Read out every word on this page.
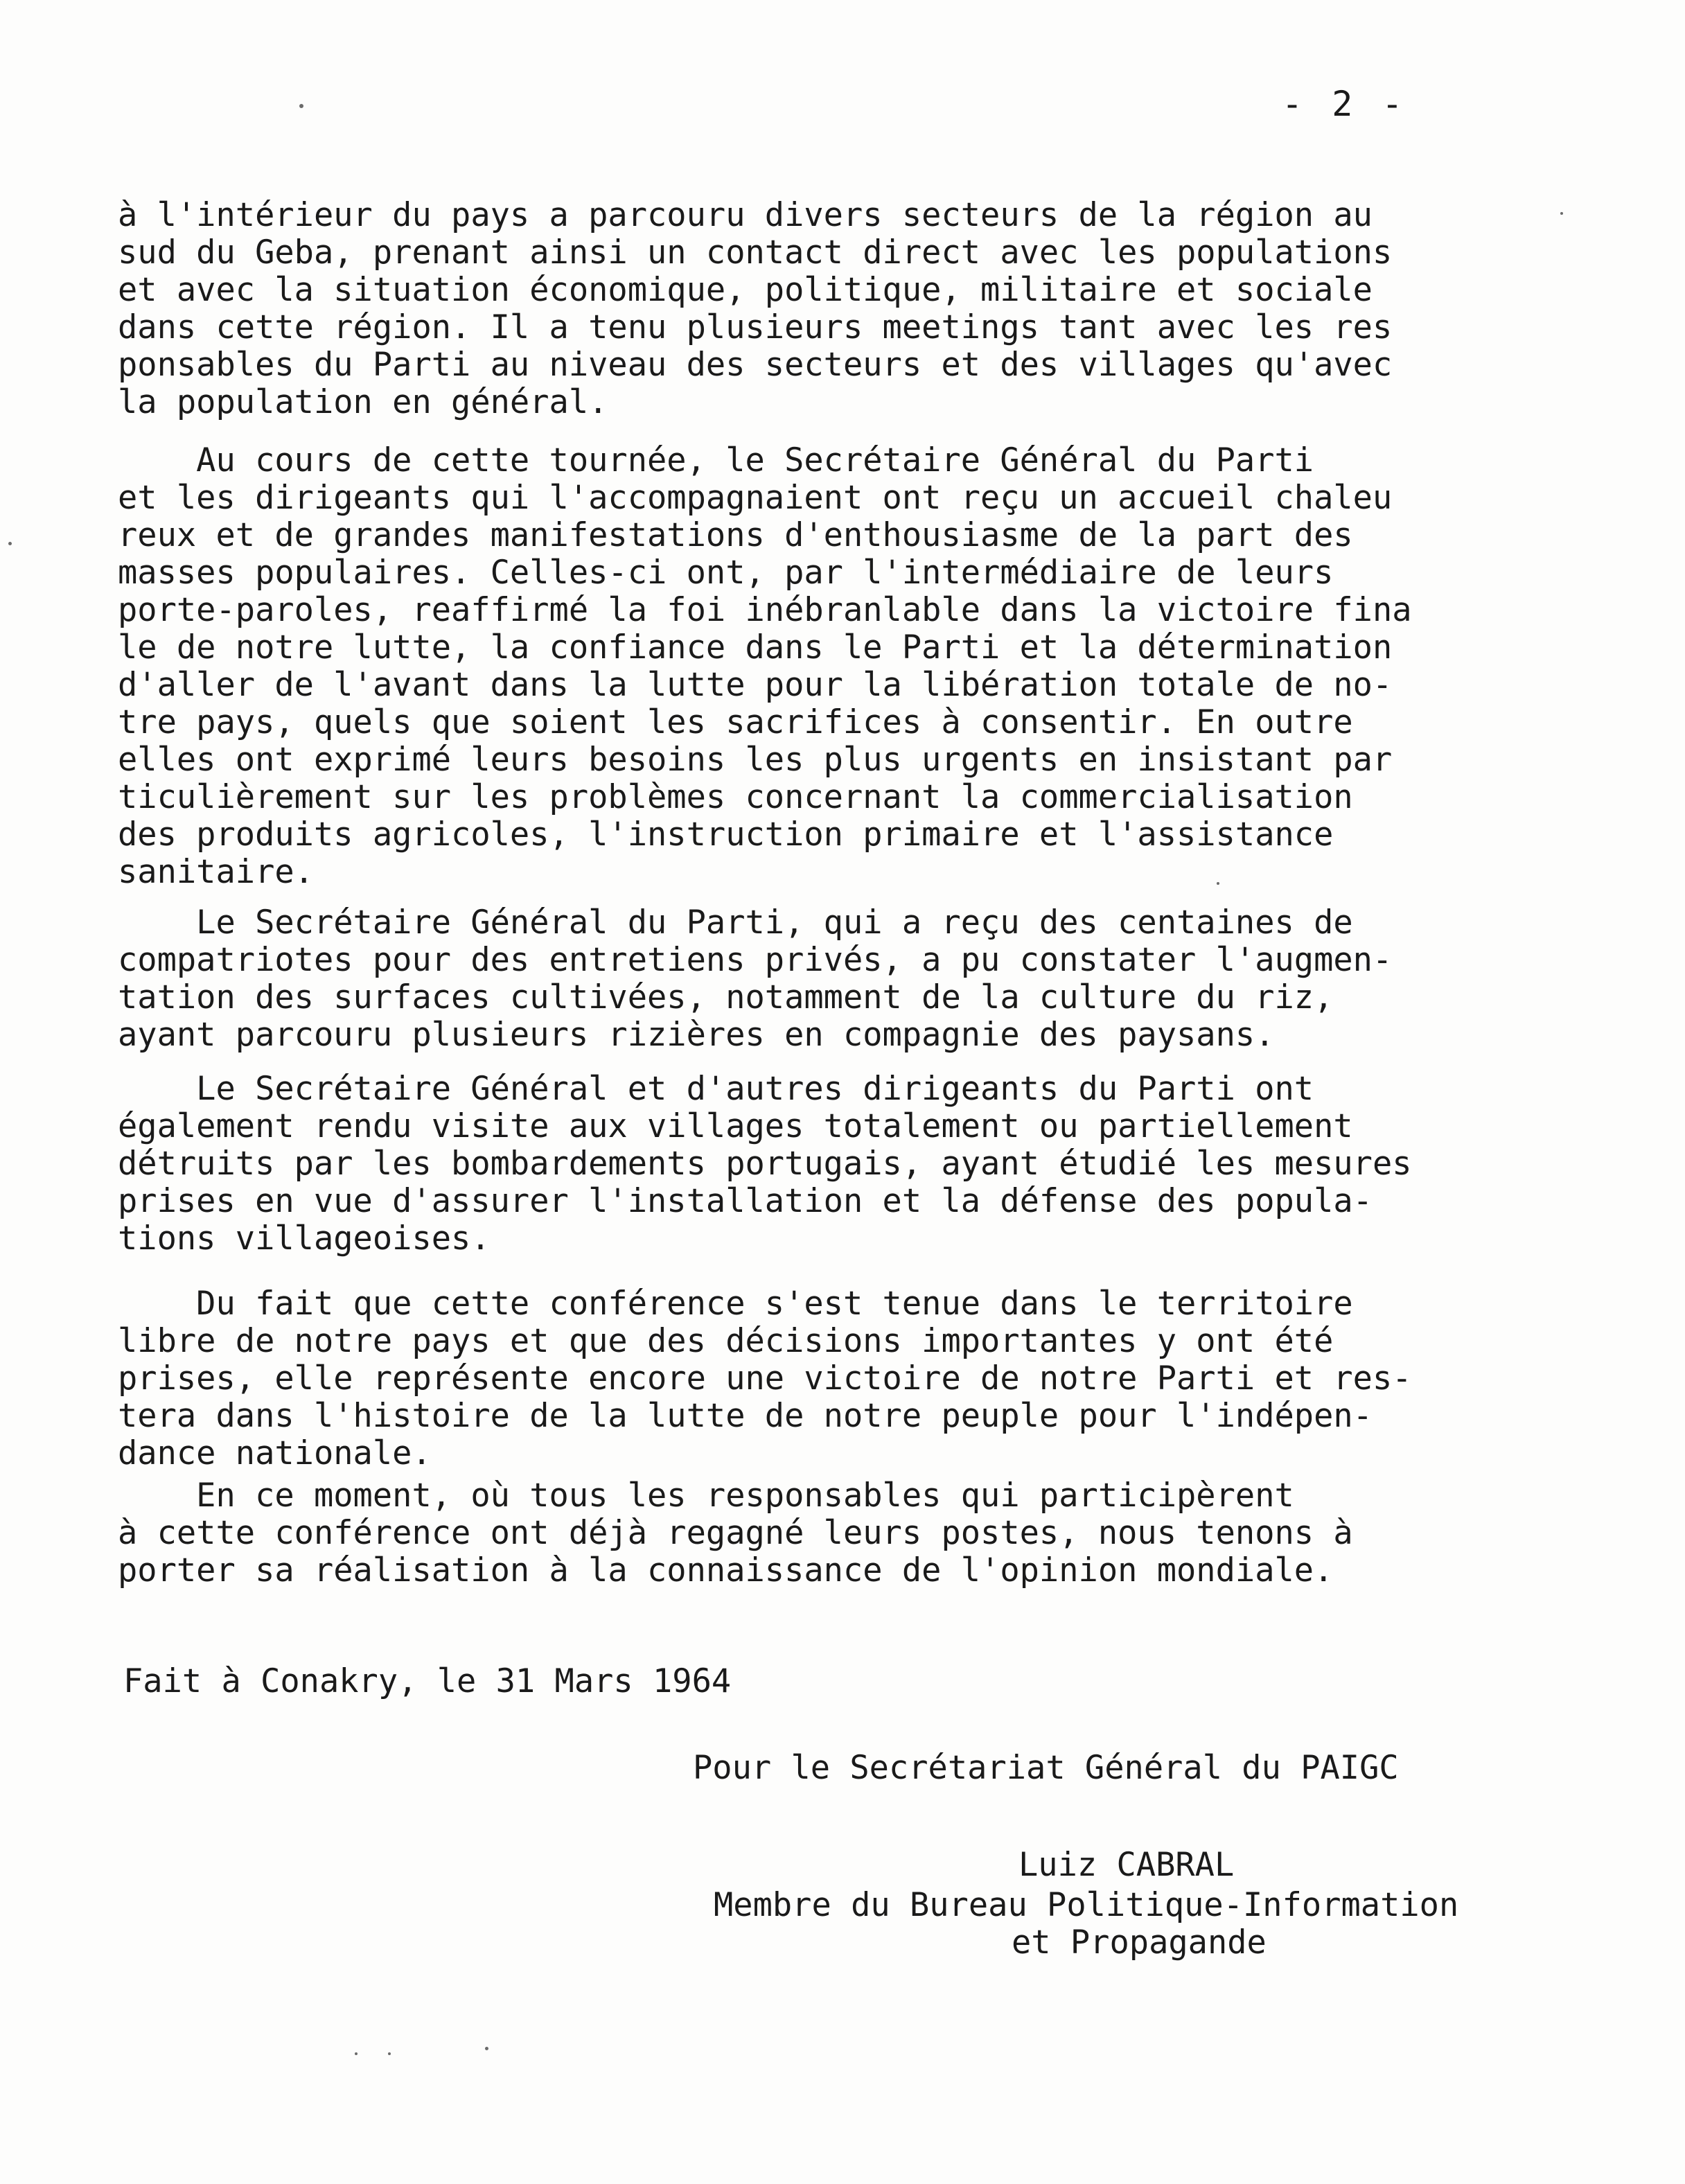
- 2 -

à l'intérieur du pays a parcouru divers secteurs de la région au
sud du Geba, prenant ainsi un contact direct avec les populations
et avec la situation économique, politique, militaire et sociale
dans cette région. Il a tenu plusieurs meetings tant avec les res
ponsables du Parti au niveau des secteurs et des villages qu'avec
la population en général.

Au cours de cette tournée, le Secrétaire Général du Parti
et les dirigeants qui l'accompagnaient ont reçu un accueil chaleu
reux et de grandes manifestations d'enthousiasme de la part des
masses populaires. Celles-ci ont, par l'intermédiaire de leurs
porte-paroles, reaffirmé la foi inébranlable dans la victoire fina
le de notre lutte, la confiance dans le Parti et la détermination
d'aller de l'avant dans la lutte pour la libération totale de no-
tre pays, quels que soient les sacrifices à consentir. En outre
elles ont exprimé leurs besoins les plus urgents en insistant par
ticulièrement sur les problèmes concernant la commercialisation
des produits agricoles, l'instruction primaire et l'assistance
sanitaire.

Le Secrétaire Général du Parti, qui a reçu des centaines de
compatriotes pour des entretiens privés, a pu constater l'augmen-
tation des surfaces cultivées, notamment de la culture du riz,
ayant parcouru plusieurs rizières en compagnie des paysans.

Le Secrétaire Général et d'autres dirigeants du Parti ont
également rendu visite aux villages totalement ou partiellement
détruits par les bombardements portugais, ayant étudié les mesures
prises en vue d'assurer l'installation et la défense des popula-
tions villageoises.

Du fait que cette conférence s'est tenue dans le territoire
libre de notre pays et que des décisions importantes y ont été
prises, elle représente encore une victoire de notre Parti et res-
tera dans l'histoire de la lutte de notre peuple pour l'indépen-
dance nationale.

En ce moment, où tous les responsables qui participèrent
à cette conférence ont déjà regagné leurs postes, nous tenons à
porter sa réalisation à la connaissance de l'opinion mondiale.

Fait à Conakry, le 31 Mars 1964
Pour le Secrétariat Général du PAIGC
Luiz CABRAL
Membre du Bureau Politique-Information
et Propagande
